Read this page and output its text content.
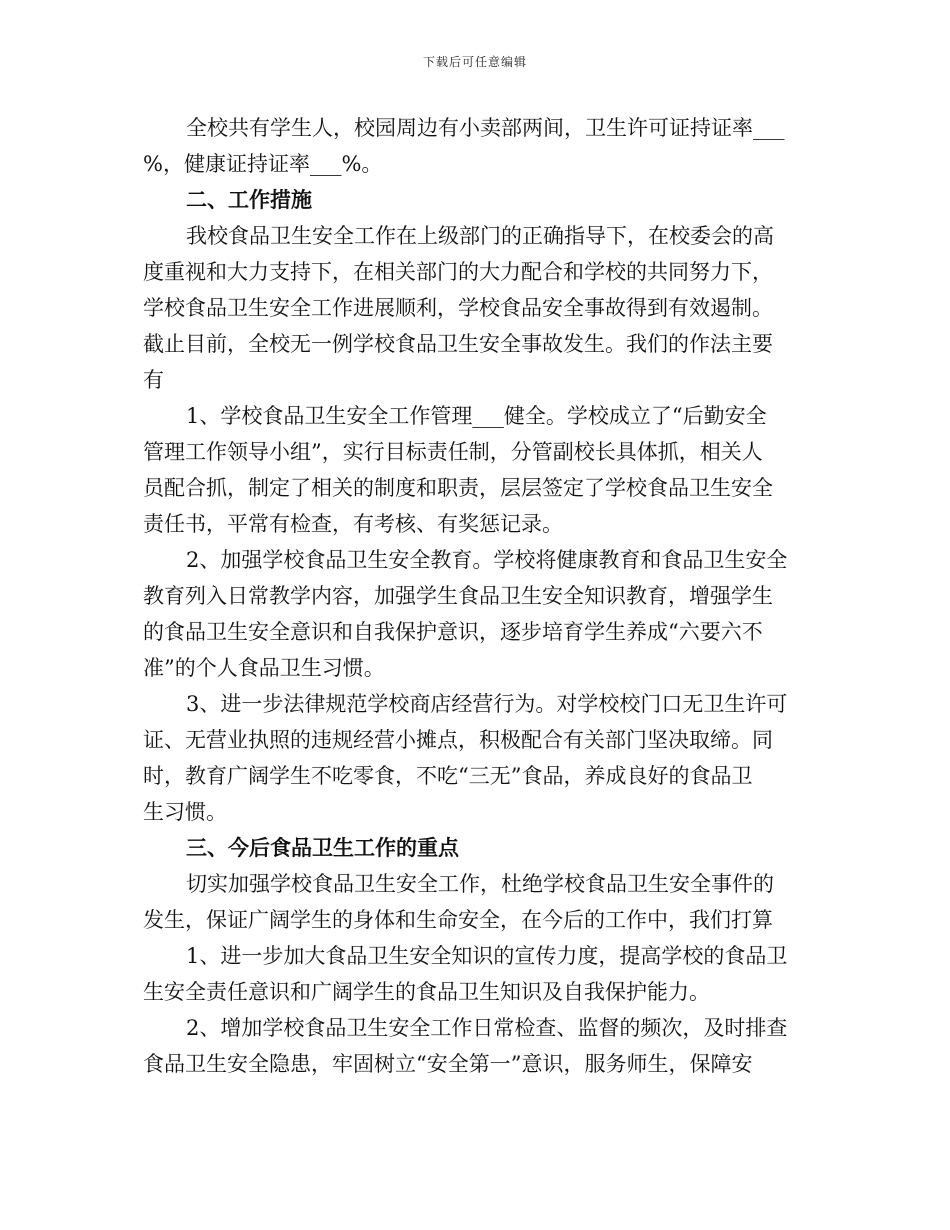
下载后可任意编辑
全校共有学生人，校园周边有小卖部两间，卫生许可证持证率___
%，健康证持证率___%。
二、工作措施
我校食品卫生安全工作在上级部门的正确指导下，在校委会的高
度重视和大力支持下，在相关部门的大力配合和学校的共同努力下，
学校食品卫生安全工作进展顺利，学校食品安全事故得到有效遏制。
截止目前，全校无一例学校食品卫生安全事故发生。我们的作法主要
有
1、学校食品卫生安全工作管理___健全。学校成立了“后勤安全
管理工作领导小组”，实行目标责任制，分管副校长具体抓，相关人
员配合抓，制定了相关的制度和职责，层层签定了学校食品卫生安全
责任书，平常有检查，有考核、有奖惩记录。
2、加强学校食品卫生安全教育。学校将健康教育和食品卫生安全
教育列入日常教学内容，加强学生食品卫生安全知识教育，增强学生
的食品卫生安全意识和自我保护意识，逐步培育学生养成“六要六不
准”的个人食品卫生习惯。
3、进一步法律规范学校商店经营行为。对学校校门口无卫生许可
证、无营业执照的违规经营小摊点，积极配合有关部门坚决取缔。同
时，教育广阔学生不吃零食，不吃“三无”食品，养成良好的食品卫
生习惯。
三、今后食品卫生工作的重点
切实加强学校食品卫生安全工作，杜绝学校食品卫生安全事件的
发生，保证广阔学生的身体和生命安全，在今后的工作中，我们打算
1、进一步加大食品卫生安全知识的宣传力度，提高学校的食品卫
生安全责任意识和广阔学生的食品卫生知识及自我保护能力。
2、增加学校食品卫生安全工作日常检查、监督的频次，及时排查
食品卫生安全隐患，牢固树立“安全第一”意识，服务师生，保障安
